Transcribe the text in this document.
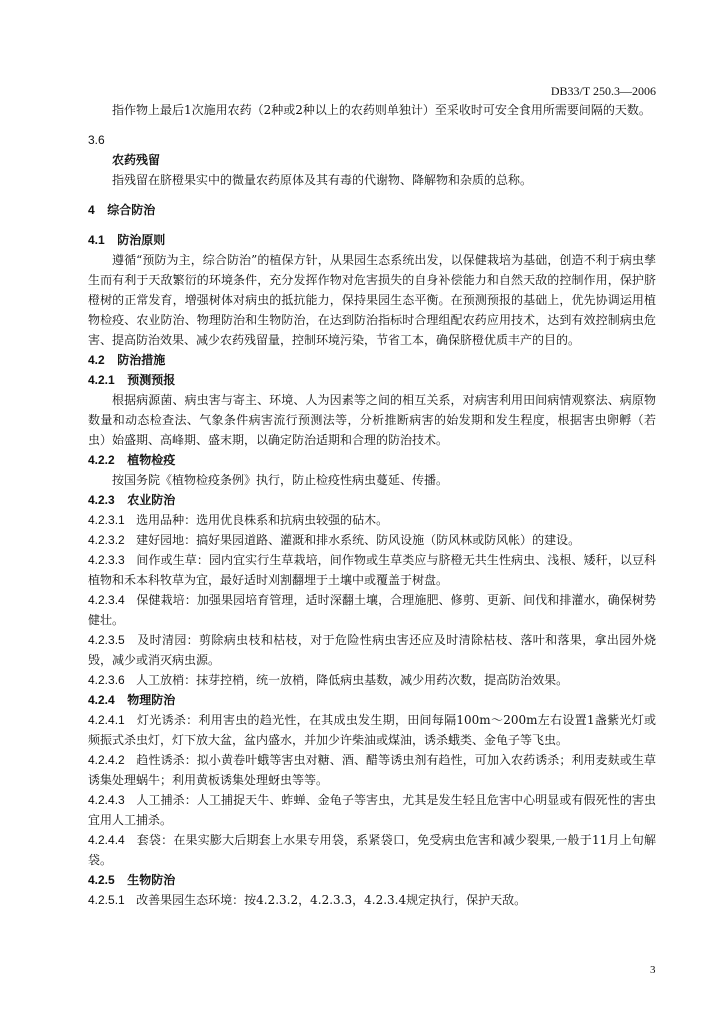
DB33/T 250.3—2006

指作物上最后1次施用农药（2种或2种以上的农药则单独计）至采收时可安全食用所需要间隔的天数。

3.6

农药残留

指残留在脐橙果实中的微量农药原体及其有毒的代谢物、降解物和杂质的总称。

4 综合防治

4.1 防治原则

遵循“预防为主，综合防治”的植保方针，从果园生态系统出发，以保健栽培为基础，创造不利于病虫孳生而有利于天敌繁衍的环境条件，充分发挥作物对危害损失的自身补偿能力和自然天敌的控制作用，保护脐橙树的正常发育，增强树体对病虫的抵抗能力，保持果园生态平衡。在预测预报的基础上，优先协调运用植物检疫、农业防治、物理防治和生物防治，在达到防治指标时合理组配农药应用技术，达到有效控制病虫危害、提高防治效果、减少农药残留量，控制环境污染，节省工本，确保脐橙优质丰产的目的。

4.2 防治措施

4.2.1 预测预报

根据病源菌、病虫害与寄主、环境、人为因素等之间的相互关系，对病害利用田间病情观察法、病原物数量和动态检查法、气象条件病害流行预测法等，分析推断病害的始发期和发生程度，根据害虫卵孵（若虫）始盛期、高峰期、盛末期，以确定防治适期和合理的防治技术。

4.2.2 植物检疫

按国务院《植物检疫条例》执行，防止检疫性病虫蔓延、传播。

4.2.3 农业防治

4.2.3.1 选用品种：选用优良株系和抗病虫较强的砧木。

4.2.3.2 建好园地：搞好果园道路、灌溉和排水系统、防风设施（防风林或防风帐）的建设。

4.2.3.3 间作或生草：园内宜实行生草栽培，间作物或生草类应与脐橙无共生性病虫、浅根、矮秆，以豆科植物和禾本科牧草为宜，最好适时刈割翻埋于土壤中或覆盖于树盘。

4.2.3.4 保健栽培：加强果园培育管理，适时深翻土壤，合理施肥、修剪、更新、间伐和排灌水，确保树势健壮。

4.2.3.5 及时清园：剪除病虫枝和枯枝，对于危险性病虫害还应及时清除枯枝、落叶和落果，拿出园外烧毁，减少或消灭病虫源。

4.2.3.6 人工放梢：抹芽控梢，统一放梢，降低病虫基数，减少用药次数，提高防治效果。

4.2.4 物理防治

4.2.4.1 灯光诱杀：利用害虫的趋光性，在其成虫发生期，田间每隔100m～200m左右设置1盏紫光灯或频振式杀虫灯，灯下放大盆，盆内盛水，并加少许柴油或煤油，诱杀蛾类、金龟子等飞虫。

4.2.4.2 趋性诱杀：拟小黄卷叶蛾等害虫对糖、酒、醋等诱虫剂有趋性，可加入农药诱杀；利用麦麸或生草诱集处理蜗牛；利用黄板诱集处理蚜虫等等。

4.2.4.3 人工捕杀：人工捕捉天牛、蚱蝉、金龟子等害虫，尤其是发生轻且危害中心明显或有假死性的害虫宜用人工捕杀。

4.2.4.4 套袋：在果实膨大后期套上水果专用袋，系紧袋口，免受病虫危害和减少裂果,一般于11月上旬解袋。

4.2.5 生物防治

4.2.5.1 改善果园生态环境：按4.2.3.2，4.2.3.3，4.2.3.4规定执行，保护天敌。

3
